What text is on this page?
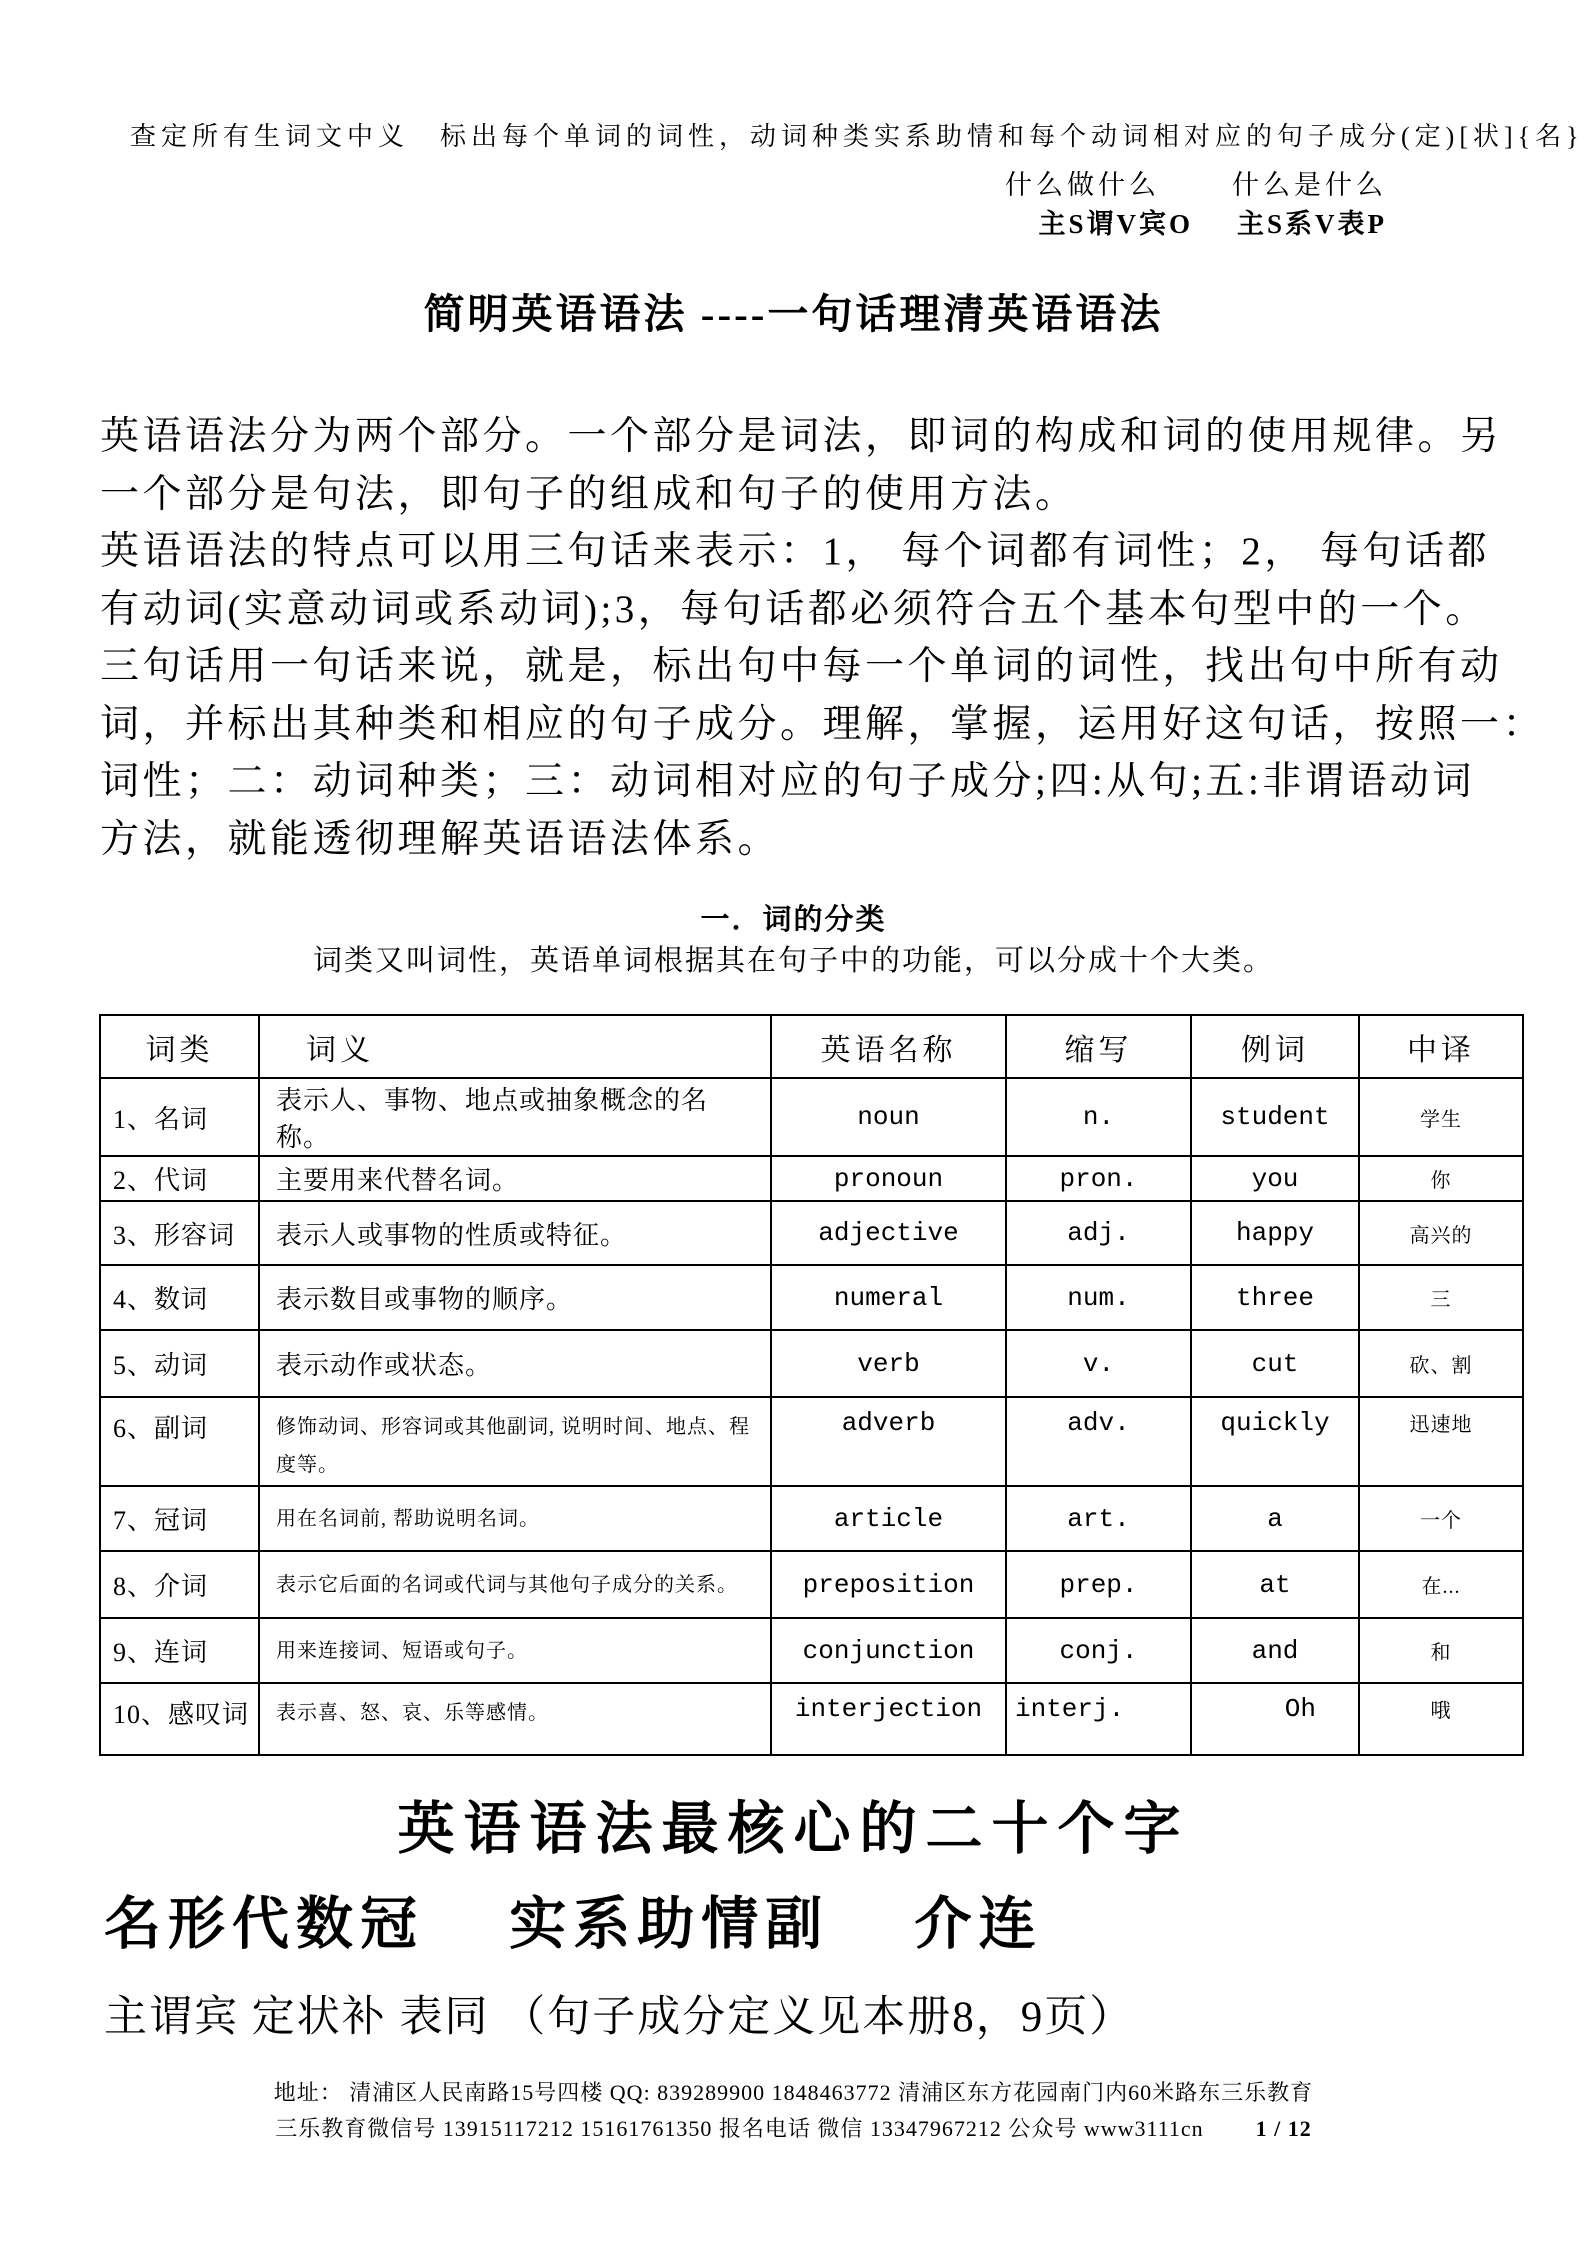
查定所有生词文中义　标出每个单词的词性，动词种类实系助情和每个动词相对应的句子成分(定)[状]{名}
什么做什么	什么是什么
主S谓V宾O 主S系V表P
简明英语语法 ----一句话理清英语语法
英语语法分为两个部分。一个部分是词法，即词的构成和词的使用规律。另
一个部分是句法，即句子的组成和句子的使用方法。
英语语法的特点可以用三句话来表示：1， 每个词都有词性；2， 每句话都
有动词(实意动词或系动词);3，每句话都必须符合五个基本句型中的一个。
三句话用一句话来说，就是，标出句中每一个单词的词性，找出句中所有动
词，并标出其种类和相应的句子成分。理解，掌握，运用好这句话，按照一：
词性；二：动词种类；三：动词相对应的句子成分;四:从句;五:非谓语动词
方法，就能透彻理解英语语法体系。
一．词的分类
词类又叫词性，英语单词根据其在句子中的功能，可以分成十个大类。
词类	词义	英语名称	缩写	例词	中译
1、名词	表示人、事物、地点或抽象概念的名称。	noun	n.	student	学生
2、代词	主要用来代替名词。	pronoun	pron.	you	你
3、形容词	表示人或事物的性质或特征。	adjective	adj.	happy	高兴的
4、数词	表示数目或事物的顺序。	numeral	num.	three	三
5、动词	表示动作或状态。	verb	v.	cut	砍、割
6、副词	修饰动词、形容词或其他副词, 说明时间、地点、程度等。	adverb	adv.	quickly	迅速地
7、冠词	用在名词前, 帮助说明名词。	article	art.	a	一个
8、介词	表示它后面的名词或代词与其他句子成分的关系。	preposition	prep.	at	在...
9、连词	用来连接词、短语或句子。	conjunction	conj.	and	和
10、感叹词	表示喜、怒、哀、乐等感情。	interjection	interj.	Oh	哦
英语语法最核心的二十个字
名形代数冠　 实系助情副　 介连
主谓宾 定状补 表同 （句子成分定义见本册8，9页）
地址： 清浦区人民南路15号四楼 QQ: 839289900 1848463772 清浦区东方花园南门内60米路东三乐教育
三乐教育微信号 13915117212 15161761350 报名电话 微信 13347967212 公众号 www3111cn 1 / 12
